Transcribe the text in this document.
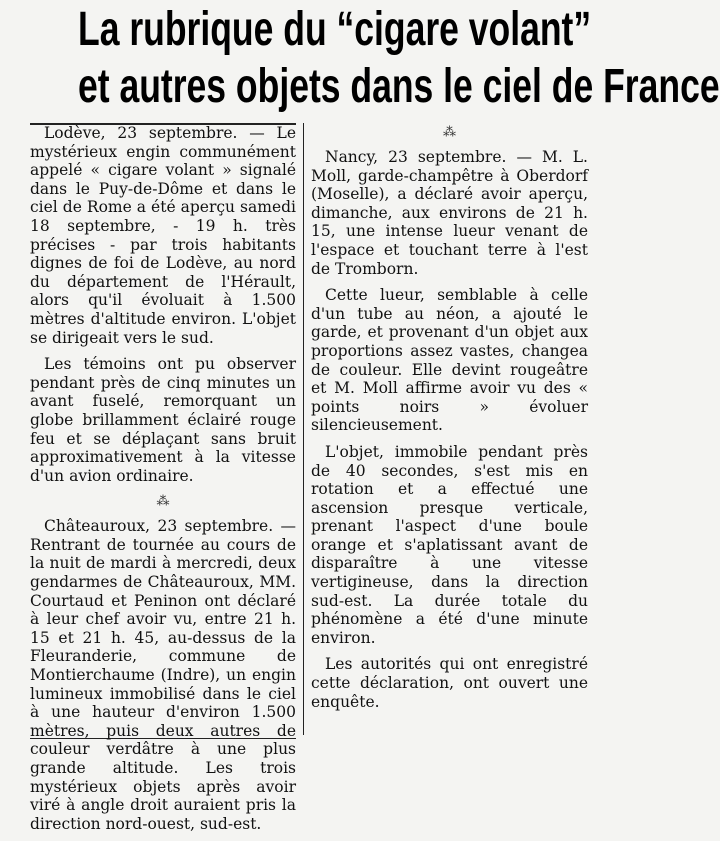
La rubrique du “cigare volant”
et autres objets dans le ciel de France

Lodève, 23 septembre. — Le mystérieux engin communément appelé « cigare volant » signalé dans le Puy-de-Dôme et dans le ciel de Rome a été aperçu samedi 18 septembre, - 19 h. très précises - par trois habitants dignes de foi de Lodève, au nord du département de l'Hérault, alors qu'il évoluait à 1.500 mètres d'altitude environ. L'objet se dirigeait vers le sud.

Les témoins ont pu observer pendant près de cinq minutes un avant fuselé, remorquant un globe brillamment éclairé rouge feu et se déplaçant sans bruit approximativement à la vitesse d'un avion ordinaire.

⁂

Châteauroux, 23 septembre. — Rentrant de tournée au cours de la nuit de mardi à mercredi, deux gendarmes de Châteauroux, MM. Courtaud et Peninon ont déclaré à leur chef avoir vu, entre 21 h. 15 et 21 h. 45, au-dessus de la Fleuranderie, commune de Montierchaume (Indre), un engin lumineux immobilisé dans le ciel à une hauteur d'environ 1.500 mètres, puis deux autres de couleur verdâtre à une plus grande altitude. Les trois mystérieux objets après avoir viré à angle droit auraient pris la direction nord-ouest, sud-est.

⁂

Nancy, 23 septembre. — M. L. Moll, garde-champêtre à Oberdorf (Moselle), a déclaré avoir aperçu, dimanche, aux environs de 21 h. 15, une intense lueur venant de l'espace et touchant terre à l'est de Tromborn.

Cette lueur, semblable à celle d'un tube au néon, a ajouté le garde, et provenant d'un objet aux proportions assez vastes, changea de couleur. Elle devint rougeâtre et M. Moll affirme avoir vu des « points noirs » évoluer silencieusement.

L'objet, immobile pendant près de 40 secondes, s'est mis en rotation et a effectué une ascension presque verticale, prenant l'aspect d'une boule orange et s'aplatissant avant de disparaître à une vitesse vertigineuse, dans la direction sud-est. La durée totale du phénomène a été d'une minute environ.

Les autorités qui ont enregistré cette déclaration, ont ouvert une enquête.
